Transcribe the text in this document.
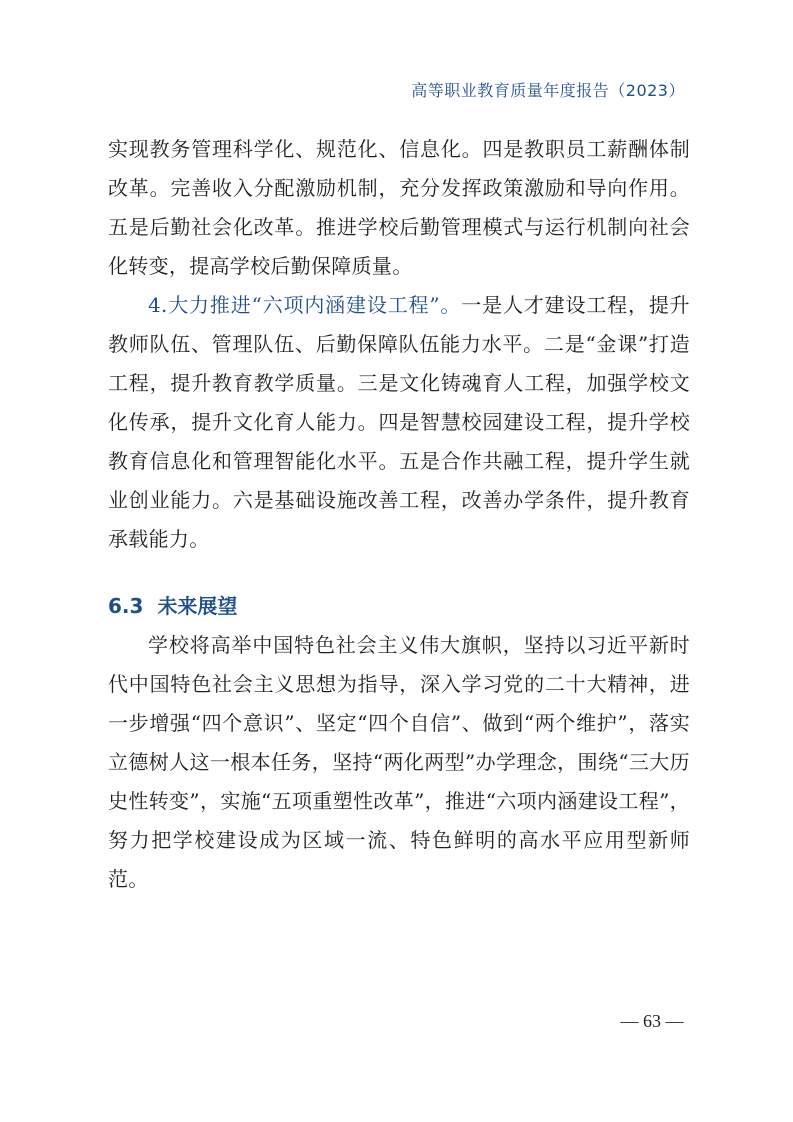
高等职业教育质量年度报告（2023）

实现教务管理科学化、规范化、信息化。四是教职员工薪酬体制改革。完善收入分配激励机制，充分发挥政策激励和导向作用。五是后勤社会化改革。推进学校后勤管理模式与运行机制向社会化转变，提高学校后勤保障质量。

4.大力推进“六项内涵建设工程”。一是人才建设工程，提升教师队伍、管理队伍、后勤保障队伍能力水平。二是“金课”打造工程，提升教育教学质量。三是文化铸魂育人工程，加强学校文化传承，提升文化育人能力。四是智慧校园建设工程，提升学校教育信息化和管理智能化水平。五是合作共融工程，提升学生就业创业能力。六是基础设施改善工程，改善办学条件，提升教育承载能力。

6.3 未来展望

学校将高举中国特色社会主义伟大旗帜，坚持以习近平新时代中国特色社会主义思想为指导，深入学习党的二十大精神，进一步增强“四个意识”、坚定“四个自信”、做到“两个维护”，落实立德树人这一根本任务，坚持“两化两型”办学理念，围绕“三大历史性转变”，实施“五项重塑性改革”，推进“六项内涵建设工程”，努力把学校建设成为区域一流、特色鲜明的高水平应用型新师范。

— 63 —
